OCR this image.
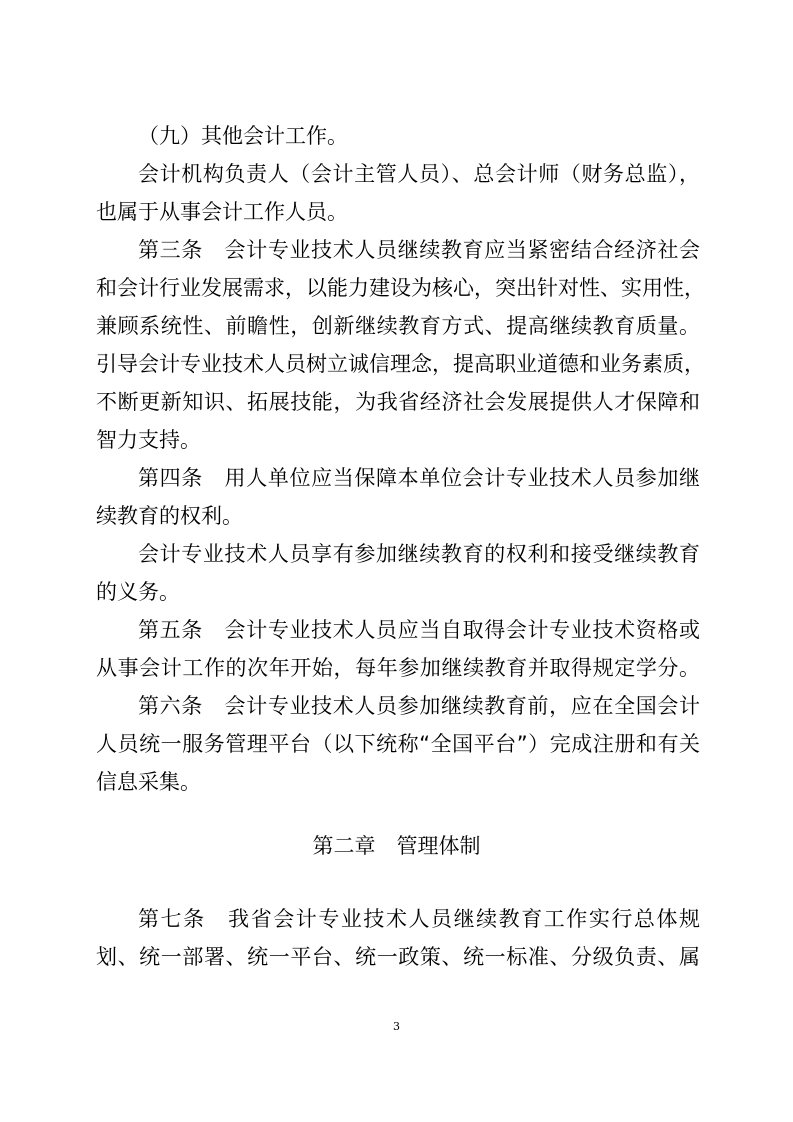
（九）其他会计工作。
会计机构负责人（会计主管人员）、总会计师（财务总监），
也属于从事会计工作人员。
第三条　会计专业技术人员继续教育应当紧密结合经济社会
和会计行业发展需求，以能力建设为核心，突出针对性、实用性，
兼顾系统性、前瞻性，创新继续教育方式、提高继续教育质量。
引导会计专业技术人员树立诚信理念，提高职业道德和业务素质，
不断更新知识、拓展技能，为我省经济社会发展提供人才保障和
智力支持。
第四条　用人单位应当保障本单位会计专业技术人员参加继
续教育的权利。
会计专业技术人员享有参加继续教育的权利和接受继续教育
的义务。
第五条　会计专业技术人员应当自取得会计专业技术资格或
从事会计工作的次年开始，每年参加继续教育并取得规定学分。
第六条　会计专业技术人员参加继续教育前，应在全国会计
人员统一服务管理平台（以下统称“全国平台”）完成注册和有关
信息采集。
第二章　管理体制
第七条　我省会计专业技术人员继续教育工作实行总体规
划、统一部署、统一平台、统一政策、统一标准、分级负责、属
3
